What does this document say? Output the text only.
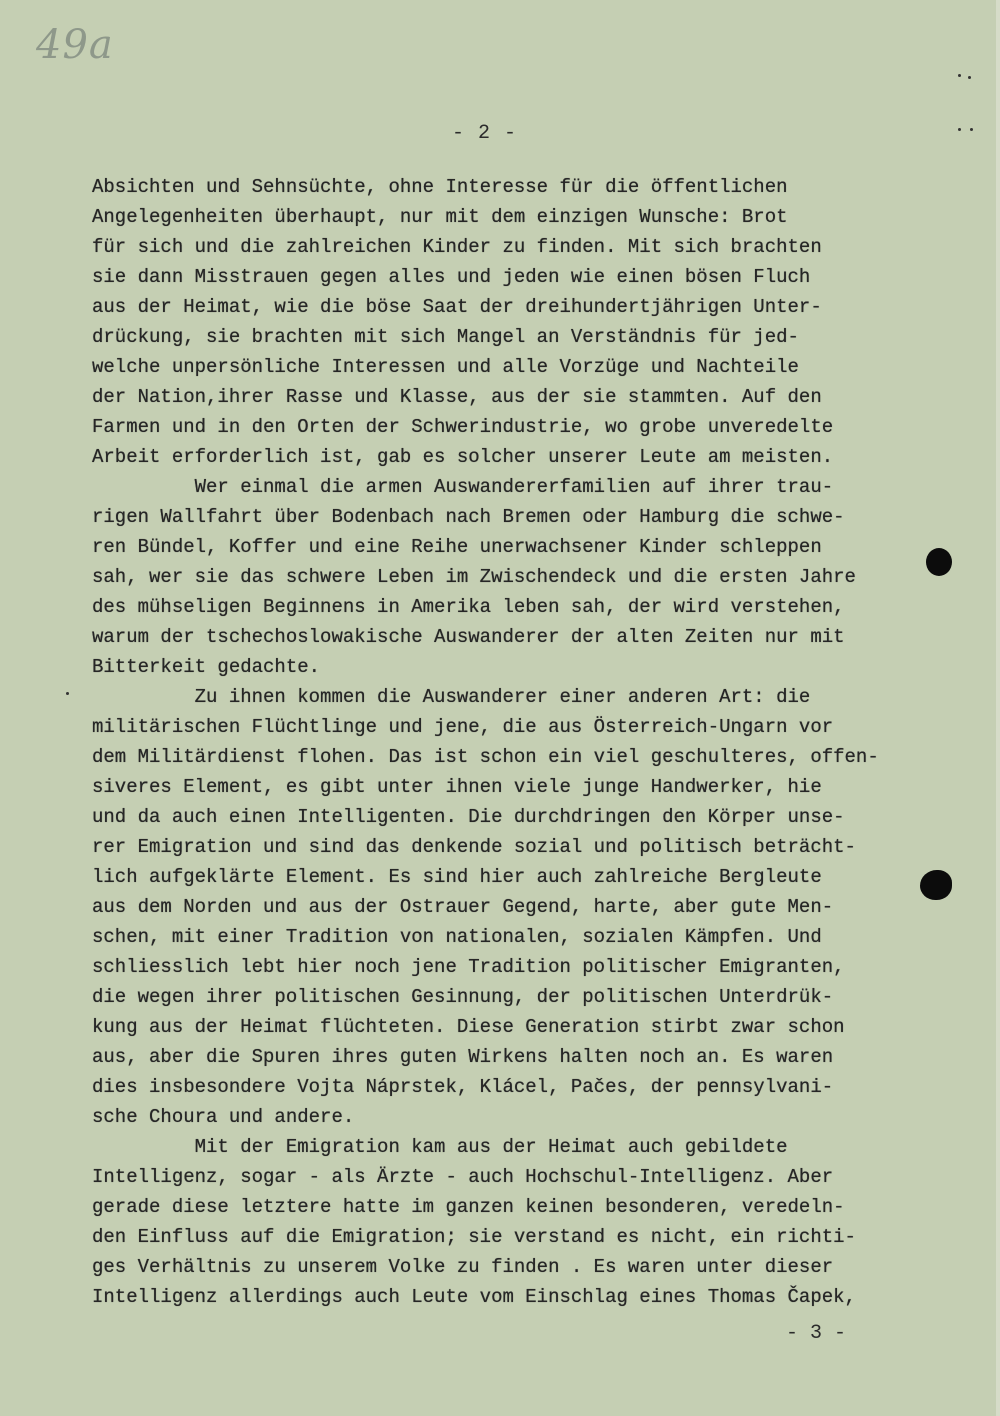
49a
- 2 -
Absichten und Sehnsüchte, ohne Interesse für die öffentlichen
Angelegenheiten überhaupt, nur mit dem einzigen Wunsche: Brot
für sich und die zahlreichen Kinder zu finden. Mit sich brachten
sie dann Misstrauen gegen alles und jeden wie einen bösen Fluch
aus der Heimat, wie die böse Saat der dreihundertjährigen Unter-
drückung, sie brachten mit sich Mangel an Verständnis für jed-
welche unpersönliche Interessen und alle Vorzüge und Nachteile
der Nation,ihrer Rasse und Klasse, aus der sie stammten. Auf den
Farmen und in den Orten der Schwerindustrie, wo grobe unveredelte
Arbeit erforderlich ist, gab es solcher unserer Leute am meisten.
Wer einmal die armen Auswandererfamilien auf ihrer trau-
rigen Wallfahrt über Bodenbach nach Bremen oder Hamburg die schwe-
ren Bündel, Koffer und eine Reihe unerwachsener Kinder schleppen
sah, wer sie das schwere Leben im Zwischendeck und die ersten Jahre
des mühseligen Beginnens in Amerika leben sah, der wird verstehen,
warum der tschechoslowakische Auswanderer der alten Zeiten nur mit
Bitterkeit gedachte.
Zu ihnen kommen die Auswanderer einer anderen Art: die
militärischen Flüchtlinge und jene, die aus Österreich-Ungarn vor
dem Militärdienst flohen. Das ist schon ein viel geschulteres, offen-
siveres Element, es gibt unter ihnen viele junge Handwerker, hie
und da auch einen Intelligenten. Die durchdringen den Körper unse-
rer Emigration und sind das denkende sozial und politisch beträcht-
lich aufgeklärte Element. Es sind hier auch zahlreiche Bergleute
aus dem Norden und aus der Ostrauer Gegend, harte, aber gute Men-
schen, mit einer Tradition von nationalen, sozialen Kämpfen. Und
schliesslich lebt hier noch jene Tradition politischer Emigranten,
die wegen ihrer politischen Gesinnung, der politischen Unterdrük-
kung aus der Heimat flüchteten. Diese Generation stirbt zwar schon
aus, aber die Spuren ihres guten Wirkens halten noch an. Es waren
dies insbesondere Vojta Náprstek, Klácel, Pačes, der pennsylvani-
sche Choura und andere.
Mit der Emigration kam aus der Heimat auch gebildete
Intelligenz, sogar - als Ärzte - auch Hochschul-Intelligenz. Aber
gerade diese letztere hatte im ganzen keinen besonderen, veredeln-
den Einfluss auf die Emigration; sie verstand es nicht, ein richti-
ges Verhältnis zu unserem Volke zu finden . Es waren unter dieser
Intelligenz allerdings auch Leute vom Einschlag eines Thomas Čapek,
- 3 -
